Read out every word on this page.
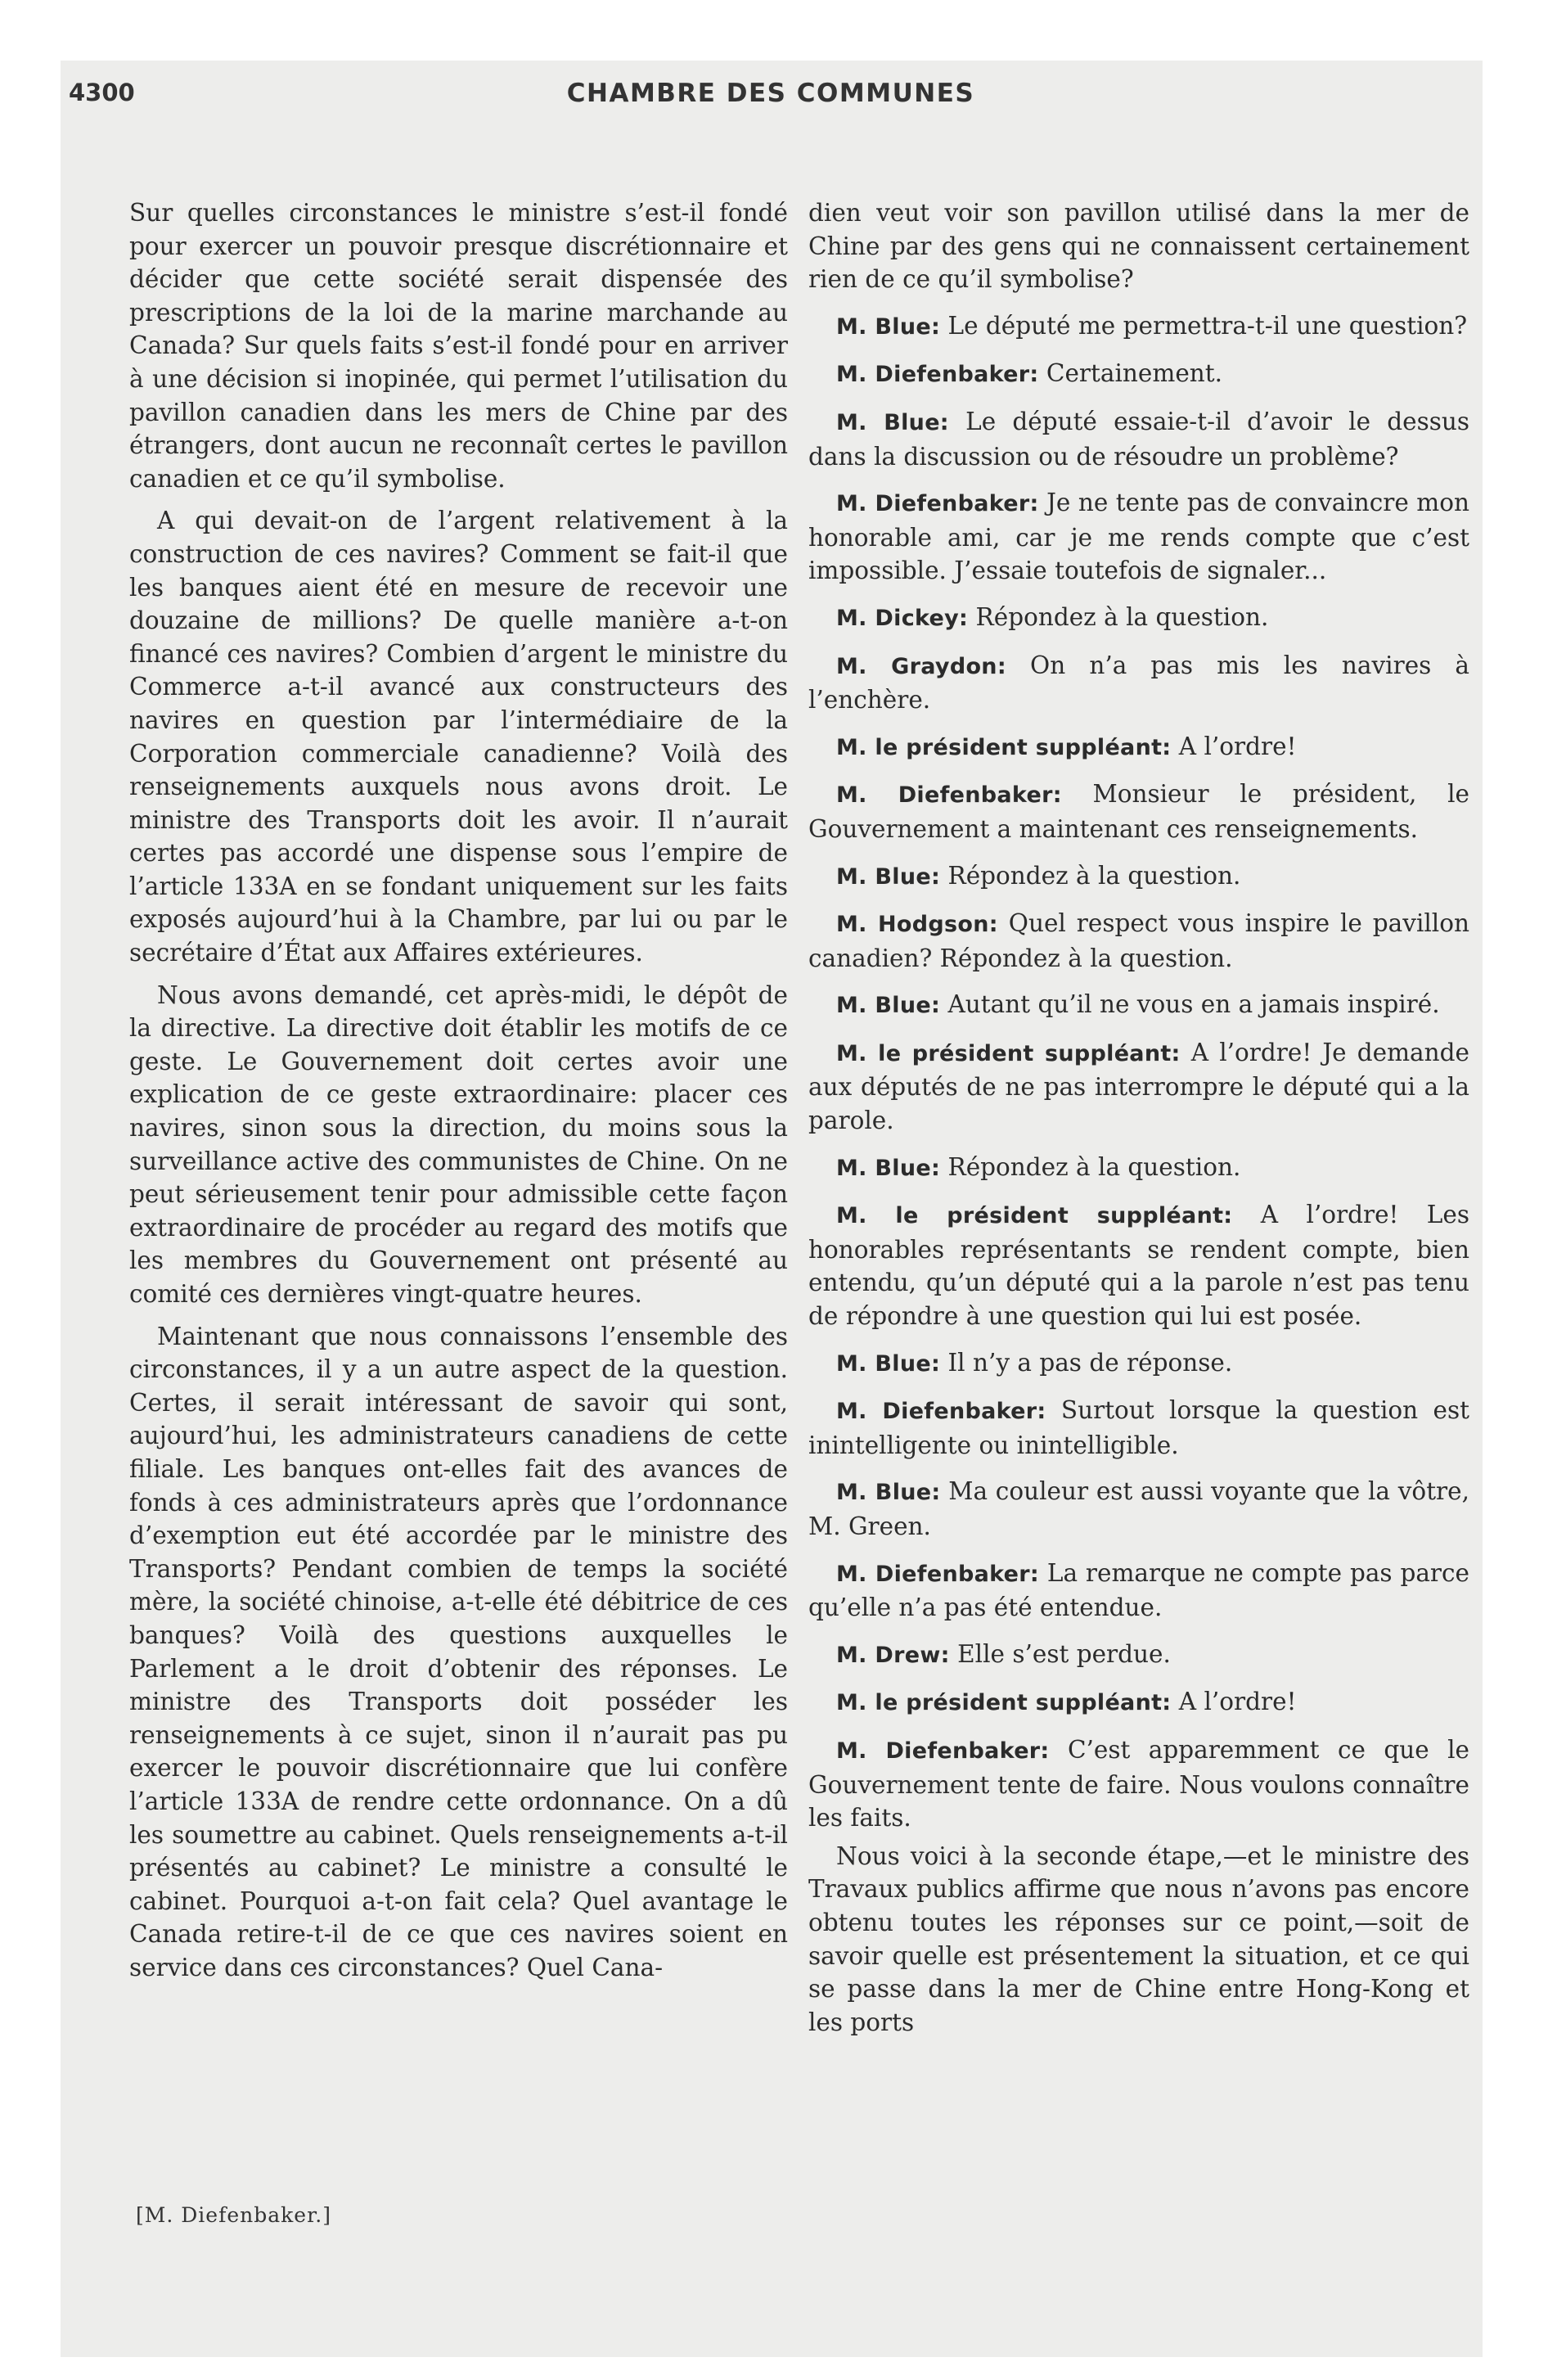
4300	CHAMBRE DES COMMUNES

Sur quelles circonstances le ministre s’est-il fondé pour exercer un pouvoir presque discrétionnaire et décider que cette société serait dispensée des prescriptions de la loi de la marine marchande au Canada? Sur quels faits s’est-il fondé pour en arriver à une décision si inopinée, qui permet l’utilisation du pavillon canadien dans les mers de Chine par des étrangers, dont aucun ne reconnaît certes le pavillon canadien et ce qu’il symbolise.

A qui devait-on de l’argent relativement à la construction de ces navires? Comment se fait-il que les banques aient été en mesure de recevoir une douzaine de millions? De quelle manière a-t-on financé ces navires? Combien d’argent le ministre du Commerce a-t-il avancé aux constructeurs des navires en question par l’intermédiaire de la Corporation commerciale canadienne? Voilà des renseignements auxquels nous avons droit. Le ministre des Transports doit les avoir. Il n’aurait certes pas accordé une dispense sous l’empire de l’article 133A en se fondant uniquement sur les faits exposés aujourd’hui à la Chambre, par lui ou par le secrétaire d’État aux Affaires extérieures.

Nous avons demandé, cet après-midi, le dépôt de la directive. La directive doit établir les motifs de ce geste. Le Gouvernement doit certes avoir une explication de ce geste extraordinaire: placer ces navires, sinon sous la direction, du moins sous la surveillance active des communistes de Chine. On ne peut sérieusement tenir pour admissible cette façon extraordinaire de procéder au regard des motifs que les membres du Gouvernement ont présenté au comité ces dernières vingt-quatre heures.

Maintenant que nous connaissons l’ensemble des circonstances, il y a un autre aspect de la question. Certes, il serait intéressant de savoir qui sont, aujourd’hui, les administrateurs canadiens de cette filiale. Les banques ont-elles fait des avances de fonds à ces administrateurs après que l’ordonnance d’exemption eut été accordée par le ministre des Transports? Pendant combien de temps la société mère, la société chinoise, a-t-elle été débitrice de ces banques? Voilà des questions auxquelles le Parlement a le droit d’obtenir des réponses. Le ministre des Transports doit posséder les renseignements à ce sujet, sinon il n’aurait pas pu exercer le pouvoir discrétionnaire que lui confère l’article 133A de rendre cette ordonnance. On a dû les soumettre au cabinet. Quels renseignements a-t-il présentés au cabinet? Le ministre a consulté le cabinet. Pourquoi a-t-on fait cela? Quel avantage le Canada retire-t-il de ce que ces navires soient en service dans ces circonstances? Quel Cana-

dien veut voir son pavillon utilisé dans la mer de Chine par des gens qui ne connaissent certainement rien de ce qu’il symbolise?

M. Blue: Le député me permettra-t-il une question?

M. Diefenbaker: Certainement.

M. Blue: Le député essaie-t-il d’avoir le dessus dans la discussion ou de résoudre un problème?

M. Diefenbaker: Je ne tente pas de convaincre mon honorable ami, car je me rends compte que c’est impossible. J’essaie toutefois de signaler...

M. Dickey: Répondez à la question.

M. Graydon: On n’a pas mis les navires à l’enchère.

M. le président suppléant: A l’ordre!

M. Diefenbaker: Monsieur le président, le Gouvernement a maintenant ces renseignements.

M. Blue: Répondez à la question.

M. Hodgson: Quel respect vous inspire le pavillon canadien? Répondez à la question.

M. Blue: Autant qu’il ne vous en a jamais inspiré.

M. le président suppléant: A l’ordre! Je demande aux députés de ne pas interrompre le député qui a la parole.

M. Blue: Répondez à la question.

M. le président suppléant: A l’ordre! Les honorables représentants se rendent compte, bien entendu, qu’un député qui a la parole n’est pas tenu de répondre à une question qui lui est posée.

M. Blue: Il n’y a pas de réponse.

M. Diefenbaker: Surtout lorsque la question est inintelligente ou inintelligible.

M. Blue: Ma couleur est aussi voyante que la vôtre, M. Green.

M. Diefenbaker: La remarque ne compte pas parce qu’elle n’a pas été entendue.

M. Drew: Elle s’est perdue.

M. le président suppléant: A l’ordre!

M. Diefenbaker: C’est apparemment ce que le Gouvernement tente de faire. Nous voulons connaître les faits.

Nous voici à la seconde étape,—et le ministre des Travaux publics affirme que nous n’avons pas encore obtenu toutes les réponses sur ce point,—soit de savoir quelle est présentement la situation, et ce qui se passe dans la mer de Chine entre Hong-Kong et les ports

[M. Diefenbaker.]
